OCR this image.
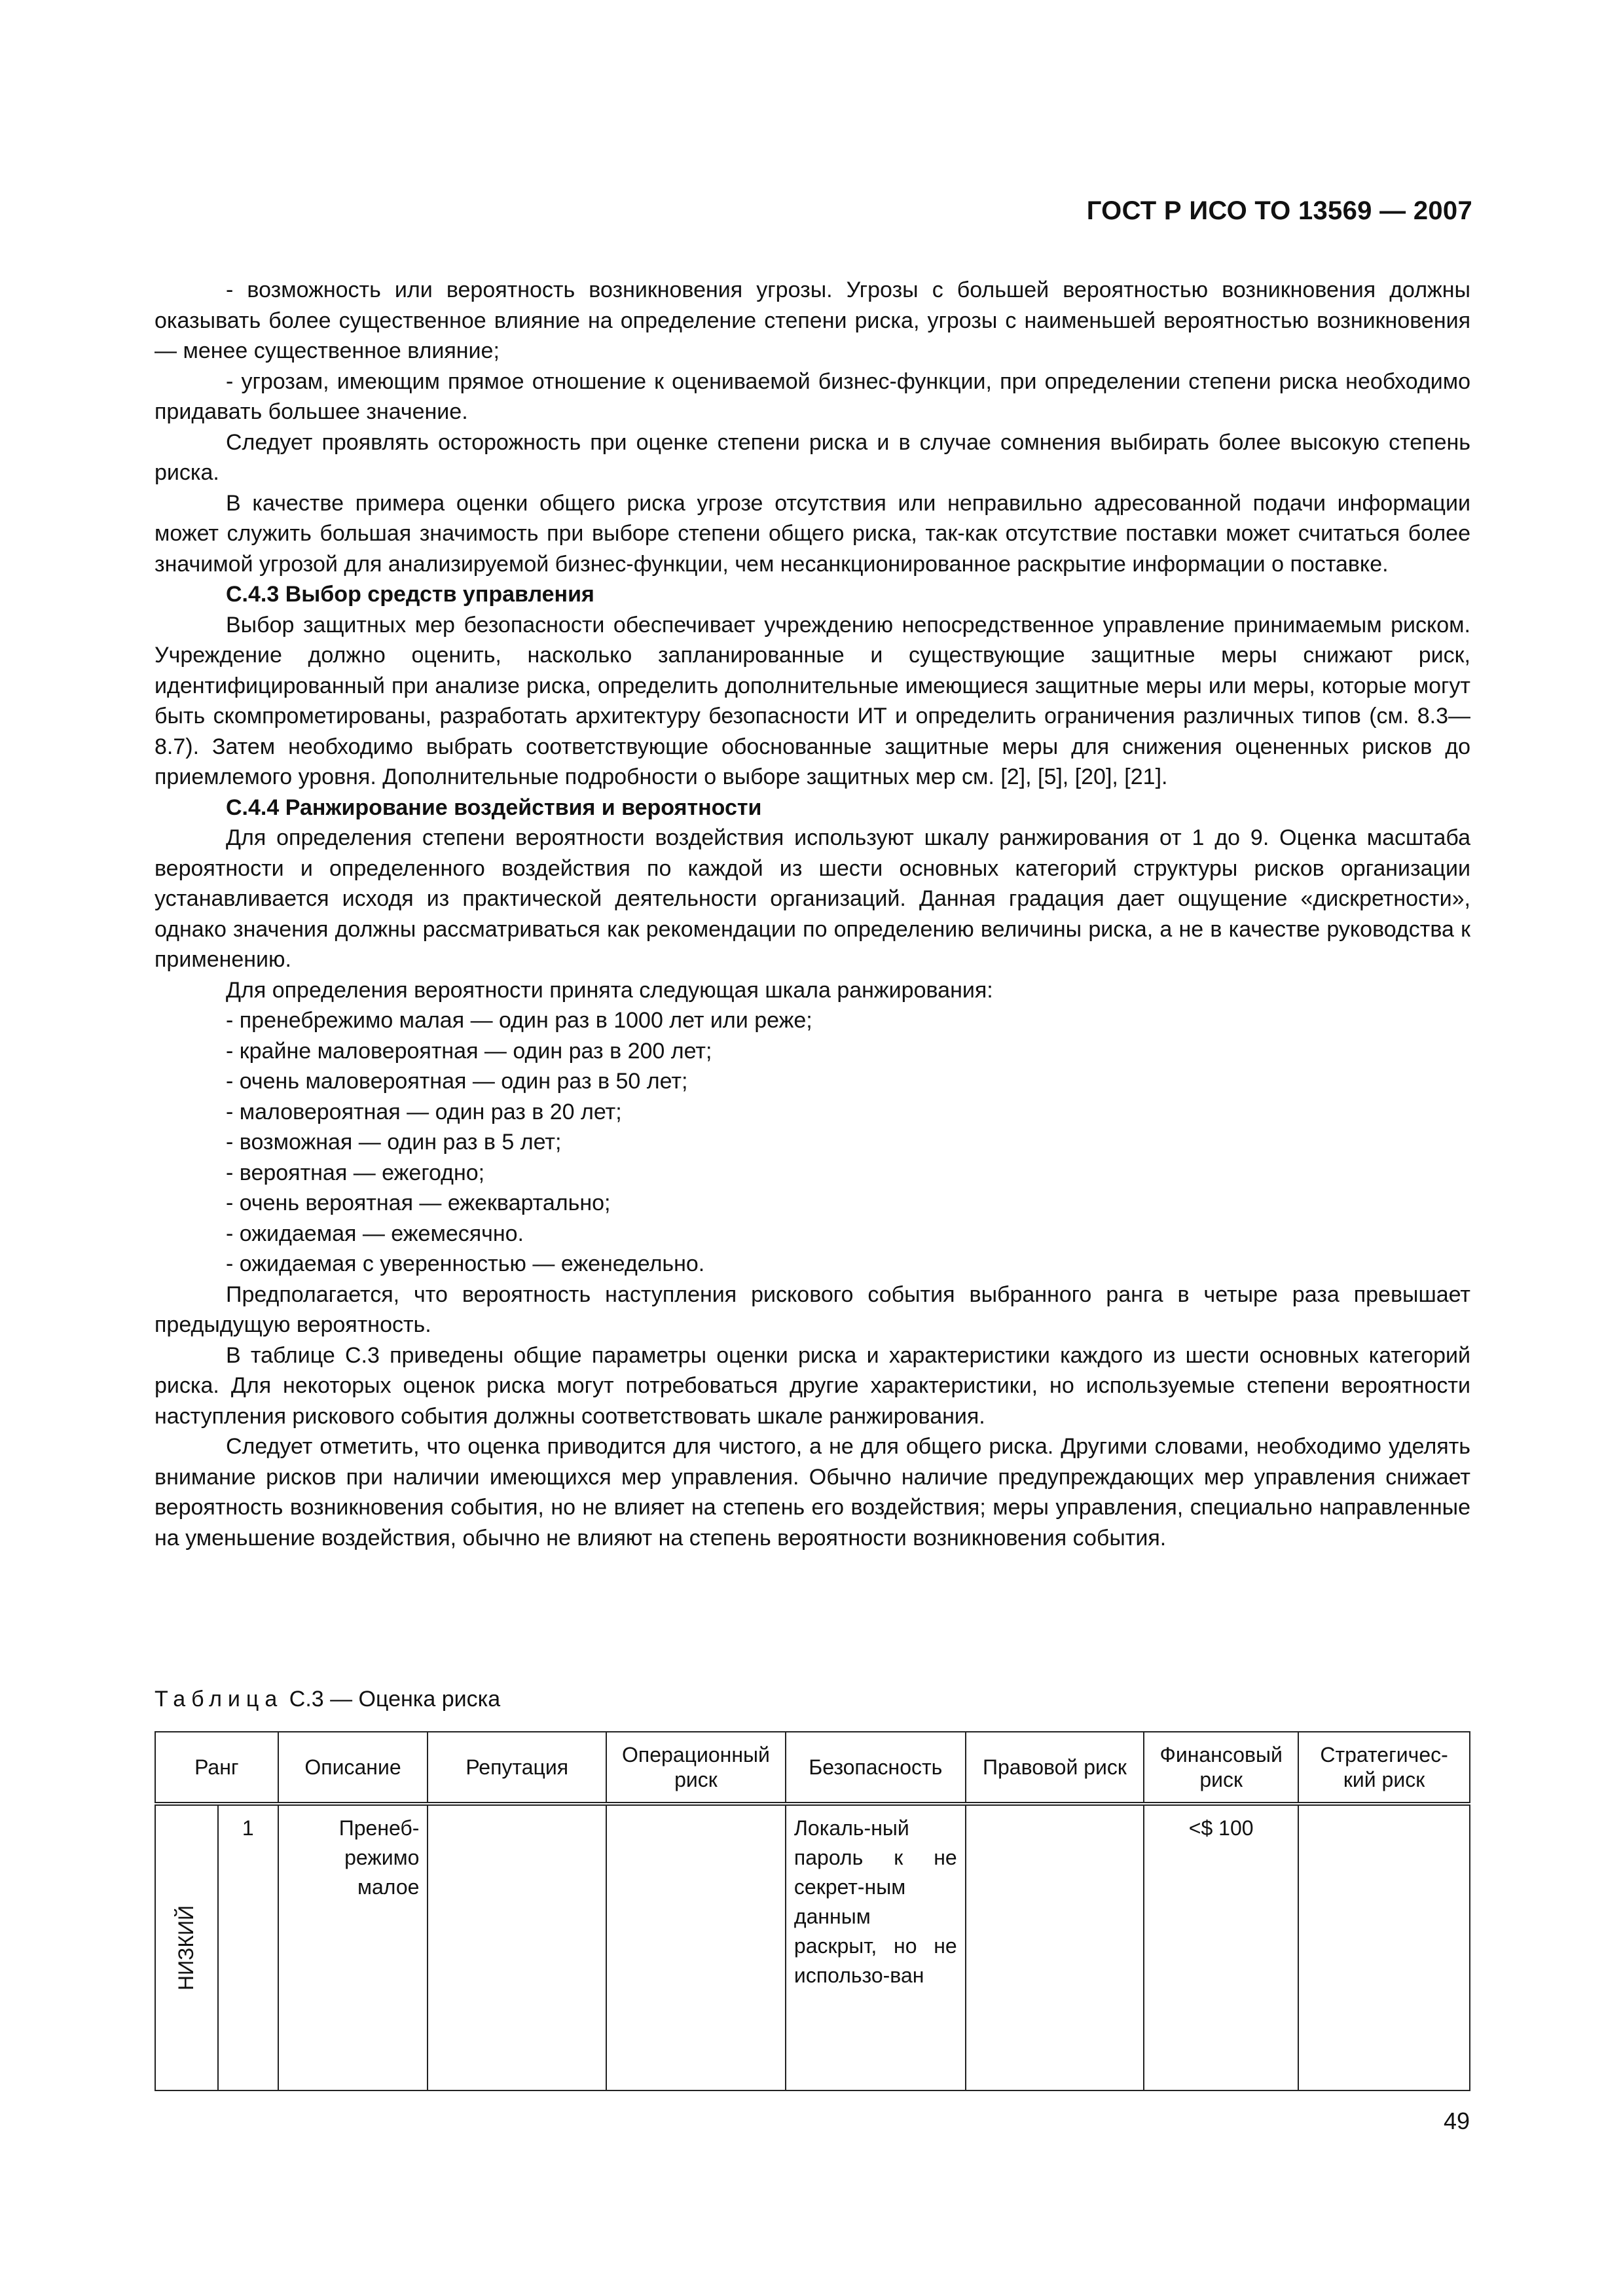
ГОСТ Р ИСО ТО 13569 — 2007

- возможность или вероятность возникновения угрозы. Угрозы с большей вероятностью возникновения должны оказывать более существенное влияние на определение степени риска, угрозы с наименьшей вероятностью возникновения — менее существенное влияние;

- угрозам, имеющим прямое отношение к оцениваемой бизнес-функции, при определении степени риска необходимо придавать большее значение.

Следует проявлять осторожность при оценке степени риска и в случае сомнения выбирать более высокую степень риска.

В качестве примера оценки общего риска угрозе отсутствия или неправильно адресованной подачи информации может служить большая значимость при выборе степени общего риска, так-как отсутствие поставки может считаться более значимой угрозой для анализируемой бизнес-функции, чем несанкционированное раскрытие информации о поставке.

С.4.3 Выбор средств управления

Выбор защитных мер безопасности обеспечивает учреждению непосредственное управление принимаемым риском. Учреждение должно оценить, насколько запланированные и существующие защитные меры снижают риск, идентифицированный при анализе риска, определить дополнительные имеющиеся защитные меры или меры, которые могут быть скомпрометированы, разработать архитектуру безопасности ИТ и определить ограничения различных типов (см. 8.3—8.7). Затем необходимо выбрать соответствующие обоснованные защитные меры для снижения оцененных рисков до приемлемого уровня. Дополнительные подробности о выборе защитных мер см. [2], [5], [20], [21].

С.4.4 Ранжирование воздействия и вероятности

Для определения степени вероятности воздействия используют шкалу ранжирования от 1 до 9. Оценка масштаба вероятности и определенного воздействия по каждой из шести основных категорий структуры рисков организации устанавливается исходя из практической деятельности организаций. Данная градация дает ощущение «дискретности», однако значения должны рассматриваться как рекомендации по определению величины риска, а не в качестве руководства к применению.

Для определения вероятности принята следующая шкала ранжирования:

- пренебрежимо малая — один раз в 1000 лет или реже;
- крайне маловероятная — один раз в 200 лет;
- очень маловероятная — один раз в 50 лет;
- маловероятная — один раз в 20 лет;
- возможная — один раз в 5 лет;
- вероятная — ежегодно;
- очень вероятная — ежеквартально;
- ожидаемая — ежемесячно.
- ожидаемая с уверенностью — еженедельно.

Предполагается, что вероятность наступления рискового события выбранного ранга в четыре раза превышает предыдущую вероятность.

В таблице С.3 приведены общие параметры оценки риска и характеристики каждого из шести основных категорий риска. Для некоторых оценок риска могут потребоваться другие характеристики, но используемые степени вероятности наступления рискового события должны соответствовать шкале ранжирования.

Следует отметить, что оценка приводится для чистого, а не для общего риска. Другими словами, необходимо уделять внимание рисков при наличии имеющихся мер управления. Обычно наличие предупреждающих мер управления снижает вероятность возникновения события, но не влияет на степень его воздействия; меры управления, специально направленные на уменьшение воздействия, обычно не влияют на степень вероятности возникновения события.

Таблица С.3 — Оценка риска
Ранг		Описание	Репутация	Операционный риск	Безопасность	Правовой риск	Финансовый риск	Стратегичес-кий риск
НИЗКИЙ	1	Пренеб-режимо малое			Локаль-ный пароль к не секрет-ным данным раскрыт, но не использо-ван		<$ 100	
49
